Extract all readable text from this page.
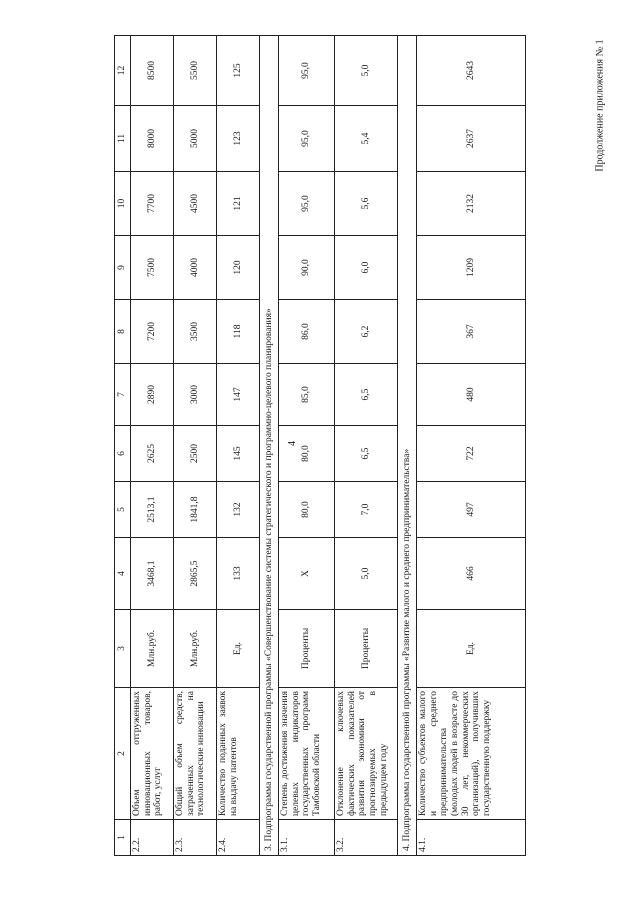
4
Продолжение приложения № 1
1	2	3	4	5	6	7	8	9	10	11	12
2.2.	Объем отгруженных инновационных товаров, работ, услуг	Млн.руб.	3468,1	2513,1	2625	2890	7200	7500	7700	8000	8500
2.3.	Общий объем средств, затраченных на технологические инновации	Млн.руб.	2865,5	1841,8	2500	3000	3500	4000	4500	5000	5500
2.4.	Количество поданных заявок на выдачу патентов	Ед.	133	132	145	147	118	120	121	123	125
3. Подпрограмма государственной программы «Совершенствование системы стратегического и программно-целевого планирования»											
3.1.	Степень достижения значения целевых индикаторов государственных программ Тамбовской области	Проценты	Х	80,0	80,0	85,0	86,0	90,0	95,0	95,0	95,0
3.2.	Отклонение ключевых фактических показателей развития экономики от прогнозируемых в предыдущем году	Проценты	5,0	7,0	6,5	6,5	6,2	6,0	5,6	5,4	5,0
4. Подпрограмма государственной программы «Развитие малого и среднего предпринимательства»											
4.1.	Количество субъектов малого и среднего предпринимательства (молодых людей в возрасте до 30 лет, некоммерческих организаций), получивших государственную поддержку	Ед.	466	497	722	480	367	1209	2132	2637	2643
